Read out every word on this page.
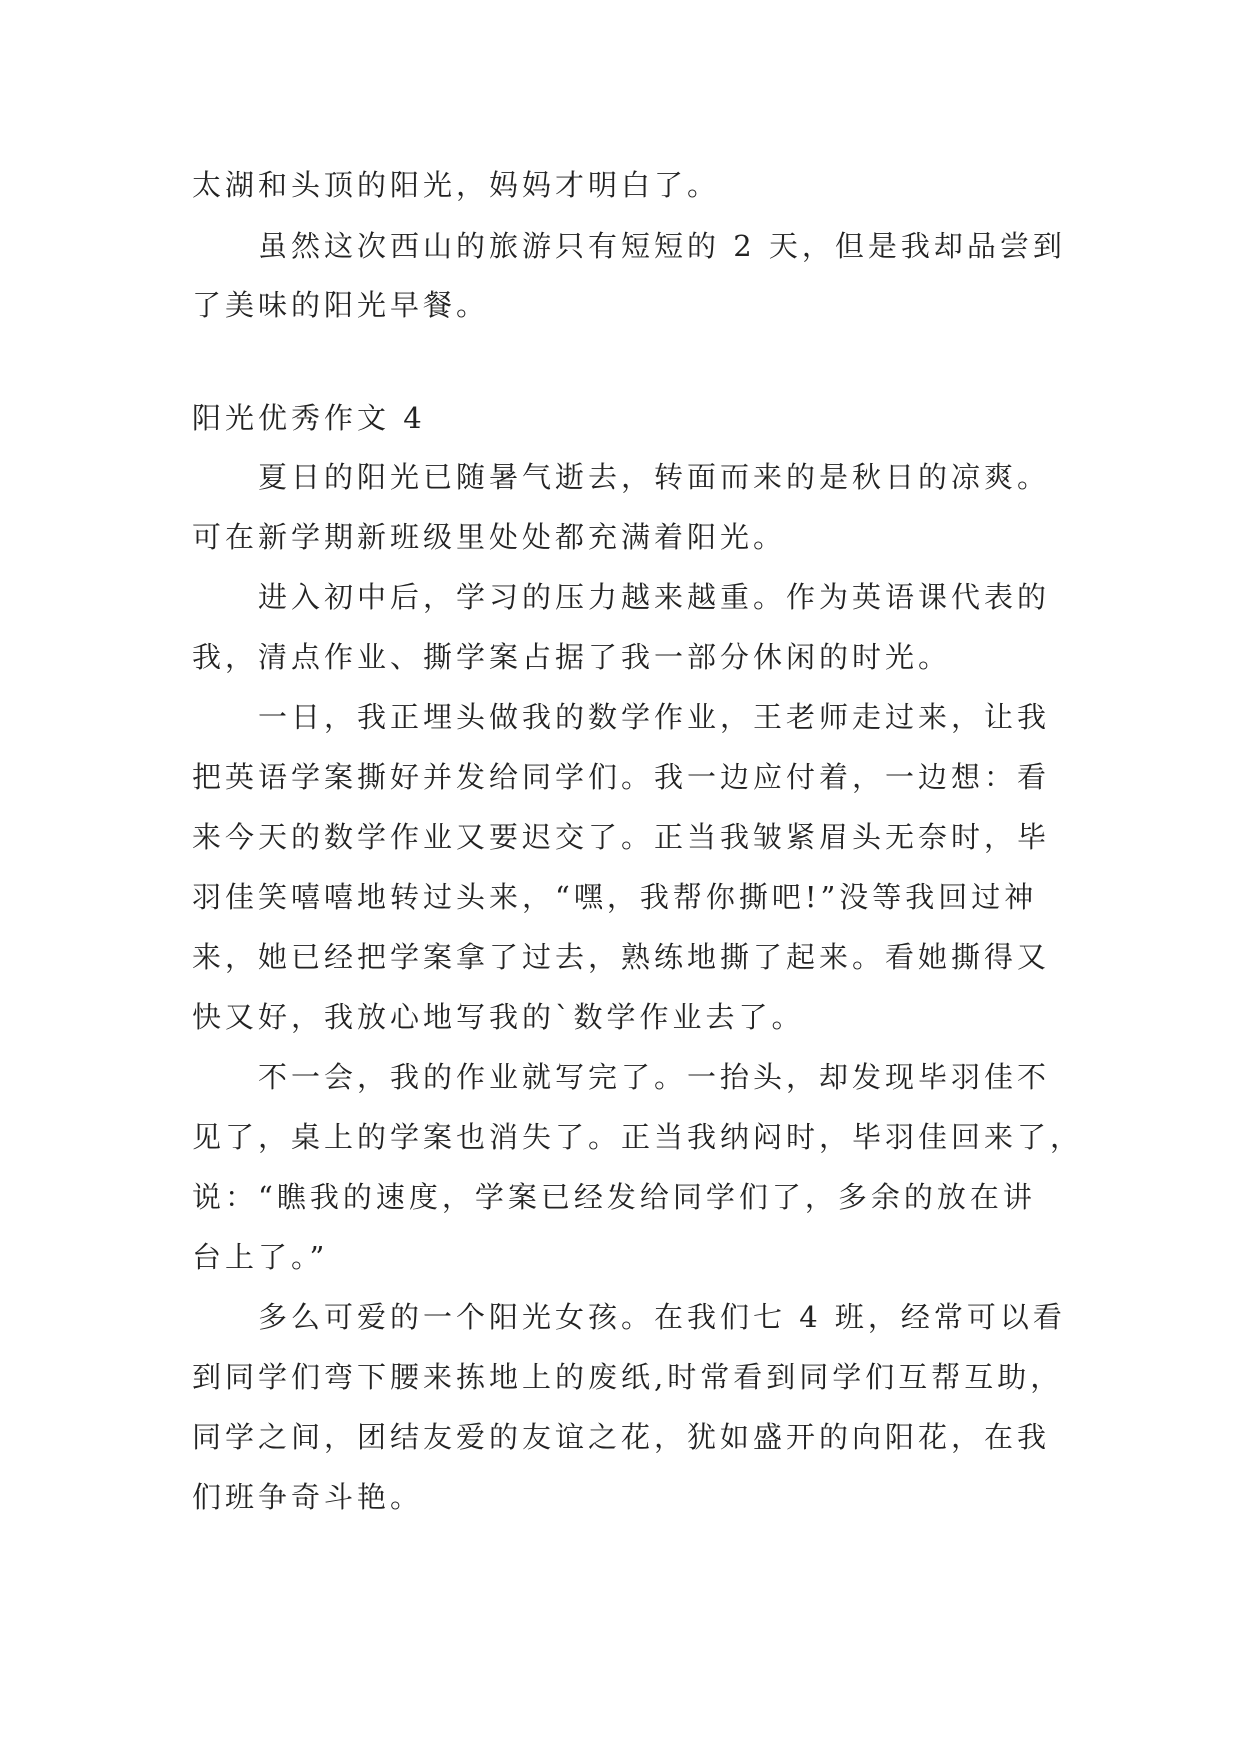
太湖和头顶的阳光，妈妈才明白了。
虽然这次西山的旅游只有短短的 2 天，但是我却品尝到
了美味的阳光早餐。
阳光优秀作文 4
夏日的阳光已随暑气逝去，转面而来的是秋日的凉爽。
可在新学期新班级里处处都充满着阳光。
进入初中后，学习的压力越来越重。作为英语课代表的
我，清点作业、撕学案占据了我一部分休闲的时光。
一日，我正埋头做我的数学作业，王老师走过来，让我
把英语学案撕好并发给同学们。我一边应付着，一边想：看
来今天的数学作业又要迟交了。正当我皱紧眉头无奈时，毕
羽佳笑嘻嘻地转过头来，“嘿，我帮你撕吧!”没等我回过神
来，她已经把学案拿了过去，熟练地撕了起来。看她撕得又
快又好，我放心地写我的`数学作业去了。
不一会，我的作业就写完了。一抬头，却发现毕羽佳不
见了，桌上的学案也消失了。正当我纳闷时，毕羽佳回来了，
说：“瞧我的速度，学案已经发给同学们了，多余的放在讲
台上了。”
多么可爱的一个阳光女孩。在我们七 4 班，经常可以看
到同学们弯下腰来拣地上的废纸,时常看到同学们互帮互助，
同学之间，团结友爱的友谊之花，犹如盛开的向阳花，在我
们班争奇斗艳。
